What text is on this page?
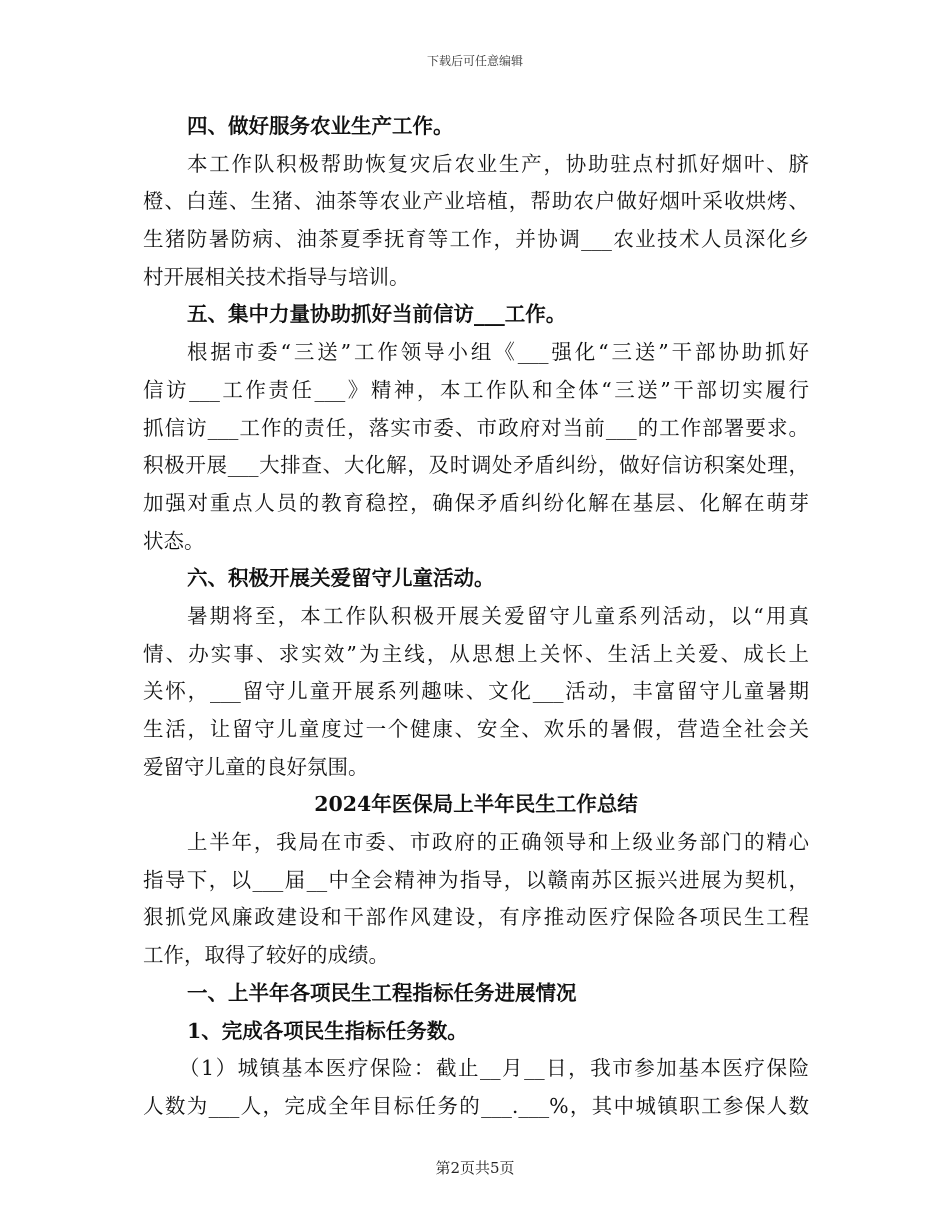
下载后可任意编辑
四、做好服务农业生产工作。
本工作队积极帮助恢复灾后农业生产，协助驻点村抓好烟叶、脐
橙、白莲、生猪、油茶等农业产业培植，帮助农户做好烟叶采收烘烤、
生猪防暑防病、油茶夏季抚育等工作，并协调___农业技术人员深化乡
村开展相关技术指导与培训。
五、集中力量协助抓好当前信访___工作。
根据市委“三送”工作领导小组《___强化“三送”干部协助抓好
信访___工作责任___》精神，本工作队和全体“三送”干部切实履行
抓信访___工作的责任，落实市委、市政府对当前___的工作部署要求。
积极开展___大排查、大化解，及时调处矛盾纠纷，做好信访积案处理，
加强对重点人员的教育稳控，确保矛盾纠纷化解在基层、化解在萌芽
状态。
六、积极开展关爱留守儿童活动。
暑期将至，本工作队积极开展关爱留守儿童系列活动，以“用真
情、办实事、求实效”为主线，从思想上关怀、生活上关爱、成长上
关怀，___留守儿童开展系列趣味、文化___活动，丰富留守儿童暑期
生活，让留守儿童度过一个健康、安全、欢乐的暑假，营造全社会关
爱留守儿童的良好氛围。
2024年医保局上半年民生工作总结
上半年，我局在市委、市政府的正确领导和上级业务部门的精心
指导下，以___届__中全会精神为指导，以赣南苏区振兴进展为契机，
狠抓党风廉政建设和干部作风建设，有序推动医疗保险各项民生工程
工作，取得了较好的成绩。
一、上半年各项民生工程指标任务进展情况
1、完成各项民生指标任务数。
（1）城镇基本医疗保险：截止__月__日，我市参加基本医疗保险
人数为___人，完成全年目标任务的___.___%，其中城镇职工参保人数
第2页共5页
